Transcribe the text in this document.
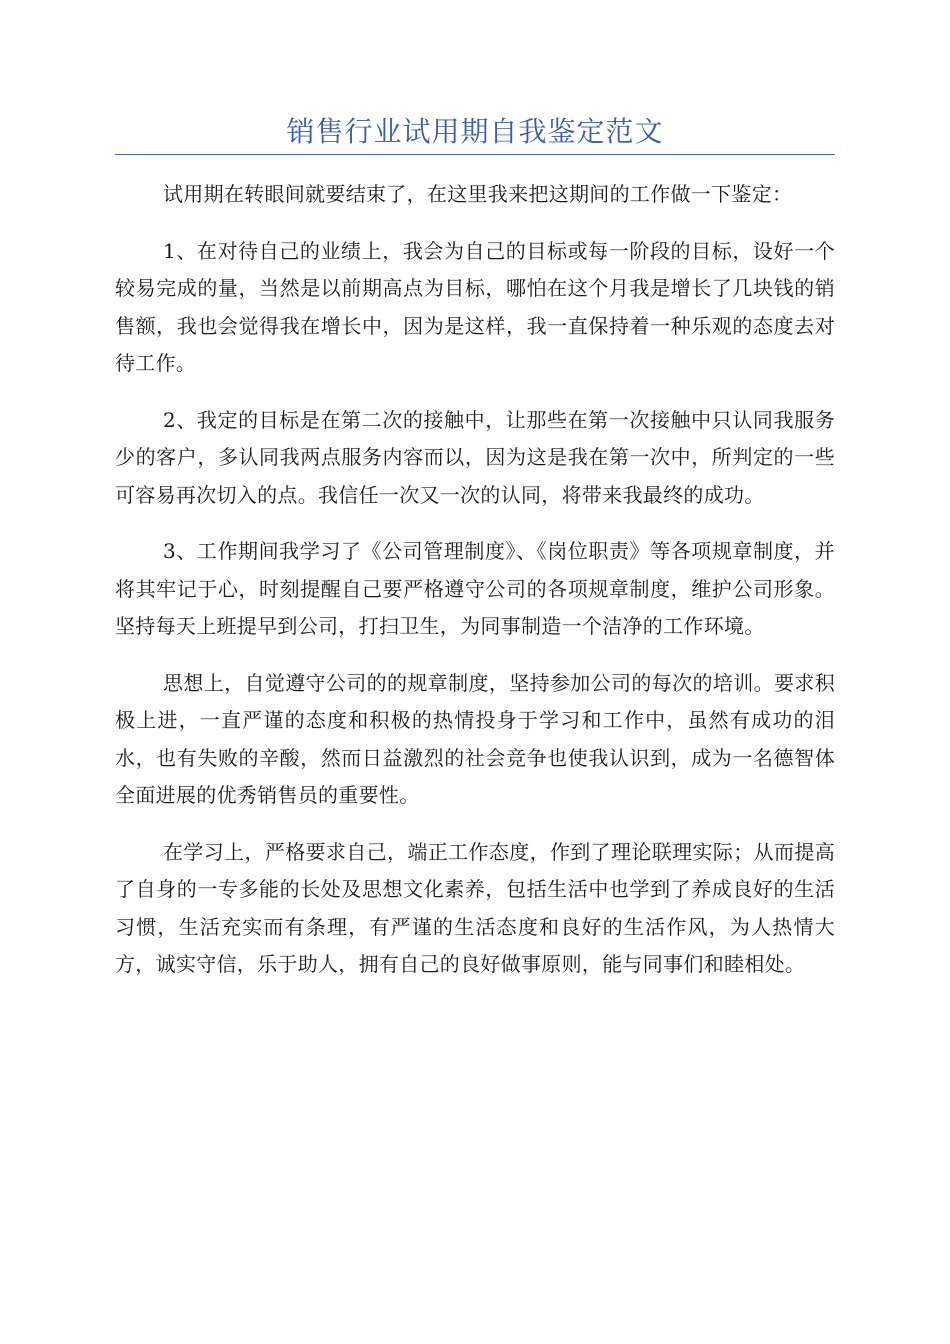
销售行业试用期自我鉴定范文

试用期在转眼间就要结束了，在这里我来把这期间的工作做一下鉴定：

1、在对待自己的业绩上，我会为自己的目标或每一阶段的目标，设好一个较易完成的量，当然是以前期高点为目标，哪怕在这个月我是增长了几块钱的销售额，我也会觉得我在增长中，因为是这样，我一直保持着一种乐观的态度去对待工作。

2、我定的目标是在第二次的接触中，让那些在第一次接触中只认同我服务少的客户，多认同我两点服务内容而以，因为这是我在第一次中，所判定的一些可容易再次切入的点。我信任一次又一次的认同，将带来我最终的成功。

3、工作期间我学习了《公司管理制度》、《岗位职责》等各项规章制度，并将其牢记于心，时刻提醒自己要严格遵守公司的各项规章制度，维护公司形象。坚持每天上班提早到公司，打扫卫生，为同事制造一个洁净的工作环境。

思想上，自觉遵守公司的的规章制度，坚持参加公司的每次的培训。要求积极上进，一直严谨的态度和积极的热情投身于学习和工作中，虽然有成功的泪水，也有失败的辛酸，然而日益激烈的社会竞争也使我认识到，成为一名德智体全面进展的优秀销售员的重要性。

在学习上，严格要求自己，端正工作态度，作到了理论联理实际；从而提高了自身的一专多能的长处及思想文化素养，包括生活中也学到了养成良好的生活习惯，生活充实而有条理，有严谨的生活态度和良好的生活作风，为人热情大方，诚实守信，乐于助人，拥有自己的良好做事原则，能与同事们和睦相处。
